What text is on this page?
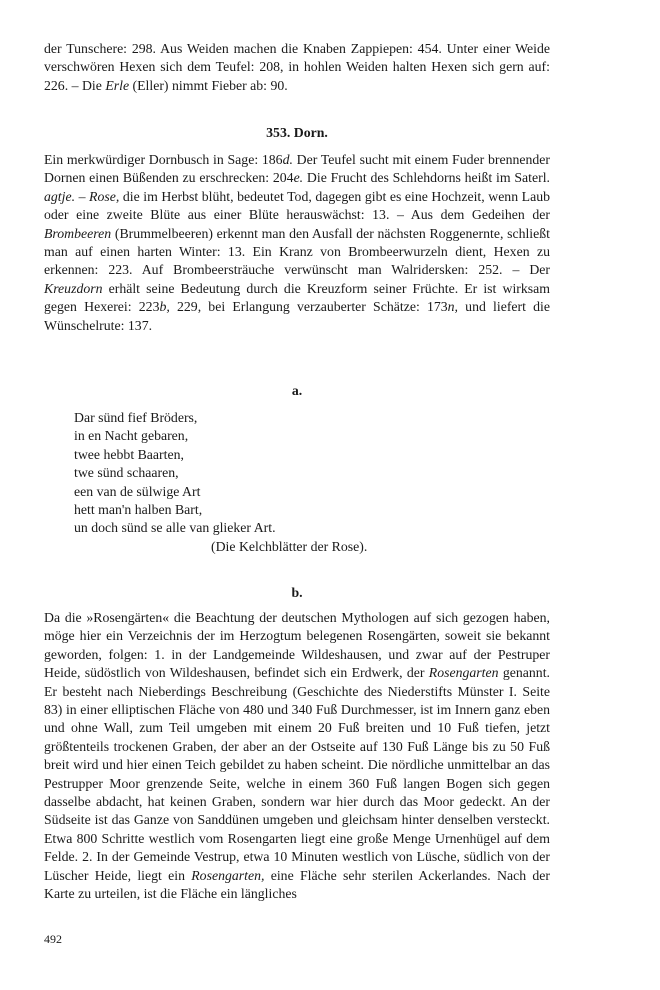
der Tunschere: 298. Aus Weiden machen die Knaben Zappiepen: 454. Unter einer Weide verschwören Hexen sich dem Teufel: 208, in hohlen Weiden halten Hexen sich gern auf: 226. – Die Erle (Eller) nimmt Fieber ab: 90.

353. Dorn.

Ein merkwürdiger Dornbusch in Sage: 186d. Der Teufel sucht mit einem Fuder brennender Dornen einen Büßenden zu erschrecken: 204e. Die Frucht des Schlehdorns heißt im Saterl. agtje. – Rose, die im Herbst blüht, bedeutet Tod, dagegen gibt es eine Hochzeit, wenn Laub oder eine zweite Blüte aus einer Blüte herauswächst: 13. – Aus dem Gedeihen der Brombeeren (Brummelbeeren) erkennt man den Ausfall der nächsten Roggenernte, schließt man auf einen harten Winter: 13. Ein Kranz von Brombeerwurzeln dient, Hexen zu erkennen: 223. Auf Brombeersträuche verwünscht man Walridersken: 252. – Der Kreuzdorn erhält seine Bedeutung durch die Kreuzform seiner Früchte. Er ist wirksam gegen Hexerei: 223b, 229, bei Erlangung verzauberter Schätze: 173n, und liefert die Wünschelrute: 137.

a.
Dar sünd fief Bröders,
in en Nacht gebaren,
twee hebbt Baarten,
twe sünd schaaren,
een van de sülwige Art
hett man'n halben Bart,
un doch sünd se alle van glieker Art.
(Die Kelchblätter der Rose).
b.

Da die »Rosengärten« die Beachtung der deutschen Mythologen auf sich gezogen haben, möge hier ein Verzeichnis der im Herzogtum belegenen Rosengärten, soweit sie bekannt geworden, folgen: 1. in der Landgemeinde Wildeshausen, und zwar auf der Pestruper Heide, südöstlich von Wildeshausen, befindet sich ein Erdwerk, der Rosengarten genannt. Er besteht nach Nieberdings Beschreibung (Geschichte des Niederstifts Münster I. Seite 83) in einer elliptischen Fläche von 480 und 340 Fuß Durchmesser, ist im Innern ganz eben und ohne Wall, zum Teil umgeben mit einem 20 Fuß breiten und 10 Fuß tiefen, jetzt größtenteils trockenen Graben, der aber an der Ostseite auf 130 Fuß Länge bis zu 50 Fuß breit wird und hier einen Teich gebildet zu haben scheint. Die nördliche unmittelbar an das Pestrupper Moor grenzende Seite, welche in einem 360 Fuß langen Bogen sich gegen dasselbe abdacht, hat keinen Graben, sondern war hier durch das Moor gedeckt. An der Südseite ist das Ganze von Sanddünen umgeben und gleichsam hinter denselben versteckt. Etwa 800 Schritte westlich vom Rosengarten liegt eine große Menge Urnenhügel auf dem Felde. 2. In der Gemeinde Vestrup, etwa 10 Minuten westlich von Lüsche, südlich von der Lüscher Heide, liegt ein Rosengarten, eine Fläche sehr sterilen Ackerlandes. Nach der Karte zu urteilen, ist die Fläche ein längliches

492
